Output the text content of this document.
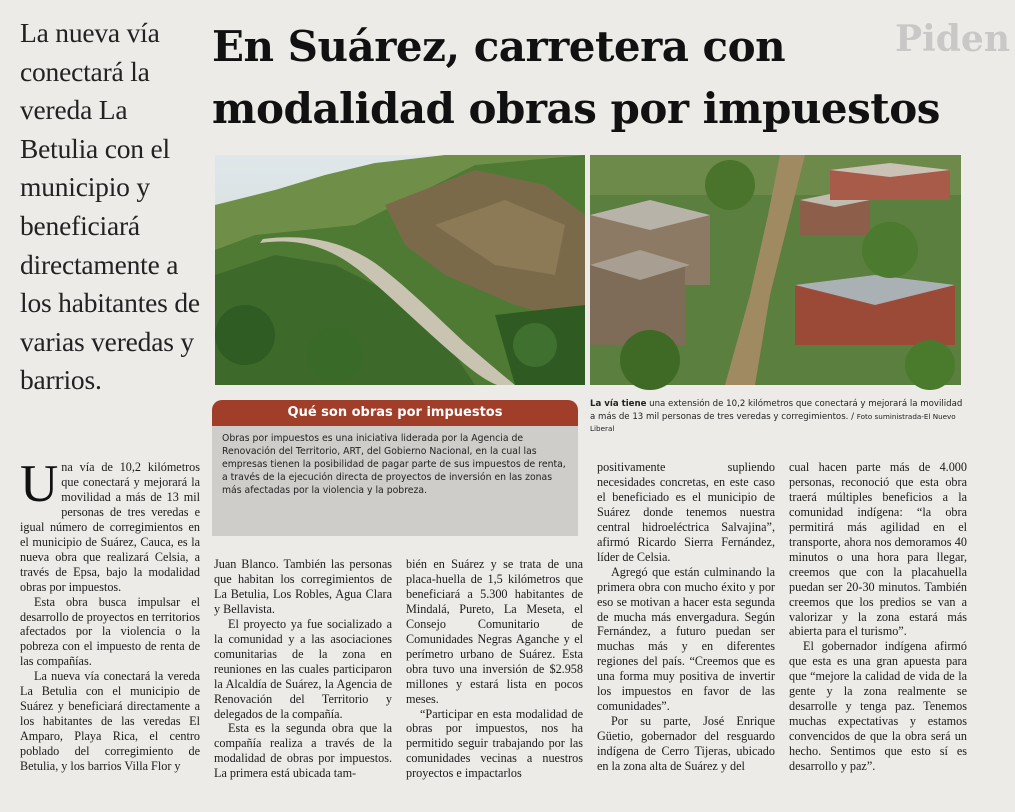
Piden
La nueva vía conectará la vereda La Betulia con el municipio y beneficiará directamente a los habitantes de varias veredas y barrios.
En Suárez, carretera con modalidad obras por impuestos
La vía tiene una extensión de 10,2 kilómetros que conectará y mejorará la movilidad a más de 13 mil personas de tres veredas y corregimientos. / Foto suministrada-El Nuevo Liberal
Qué son obras por impuestos
Obras por impuestos es una iniciativa liderada por la Agencia de Renovación del Territorio, ART, del Gobierno Nacional, en la cual las empresas tienen la posibilidad de pagar parte de sus impuestos de renta, a través de la ejecución directa de proyectos de inversión en las zonas más afectadas por la violencia y la pobreza.
U na vía de 10,2 kilómetros que conectará y mejorará la movilidad a más de 13 mil personas de tres veredas e igual número de corregimientos en el municipio de Suárez, Cauca, es la nueva obra que realizará Celsia, a través de Epsa, bajo la modalidad obras por impuestos.

Esta obra busca impulsar el desarrollo de proyectos en territorios afectados por la violencia o la pobreza con el impuesto de renta de las compañías.

La nueva vía conectará la vereda La Betulia con el municipio de Suárez y beneficiará directamente a los habitantes de las veredas El Amparo, Playa Rica, el centro poblado del corregimiento de Betulia, y los barrios Villa Flor y

Juan Blanco. También las personas que habitan los corregimientos de La Betulia, Los Robles, Agua Clara y Bellavista.

El proyecto ya fue socializado a la comunidad y a las asociaciones comunitarias de la zona en reuniones en las cuales participaron la Alcaldía de Suárez, la Agencia de Renovación del Territorio y delegados de la compañía.

Esta es la segunda obra que la compañía realiza a través de la modalidad de obras por impuestos. La primera está ubicada tam-

bién en Suárez y se trata de una placa-huella de 1,5 kilómetros que beneficiará a 5.300 habitantes de Mindalá, Pureto, La Meseta, el Consejo Comunitario de Comunidades Negras Aganche y el perímetro urbano de Suárez. Esta obra tuvo una inversión de $2.958 millones y estará lista en pocos meses.

“Participar en esta modalidad de obras por impuestos, nos ha permitido seguir trabajando por las comunidades vecinas a nuestros proyectos e impactarlos

positivamente supliendo necesidades concretas, en este caso el beneficiado es el municipio de Suárez donde tenemos nuestra central hidroeléctrica Salvajina”, afirmó Ricardo Sierra Fernández, líder de Celsia.

Agregó que están culminando la primera obra con mucho éxito y por eso se motivan a hacer esta segunda de mucha más envergadura. Según Fernández, a futuro puedan ser muchas más y en diferentes regiones del país. “Creemos que es una forma muy positiva de invertir los impuestos en favor de las comunidades”.

Por su parte, José Enrique Güetio, gobernador del resguardo indígena de Cerro Tijeras, ubicado en la zona alta de Suárez y del

cual hacen parte más de 4.000 personas, reconoció que esta obra traerá múltiples beneficios a la comunidad indígena: “la obra permitirá más agilidad en el transporte, ahora nos demoramos 40 minutos o una hora para llegar, creemos que con la placahuella puedan ser 20-30 minutos. También creemos que los predios se van a valorizar y la zona estará más abierta para el turismo”.

El gobernador indígena afirmó que esta es una gran apuesta para que “mejore la calidad de vida de la gente y la zona realmente se desarrolle y tenga paz. Tenemos muchas expectativas y estamos convencidos de que la obra será un hecho. Sentimos que esto sí es desarrollo y paz”.
